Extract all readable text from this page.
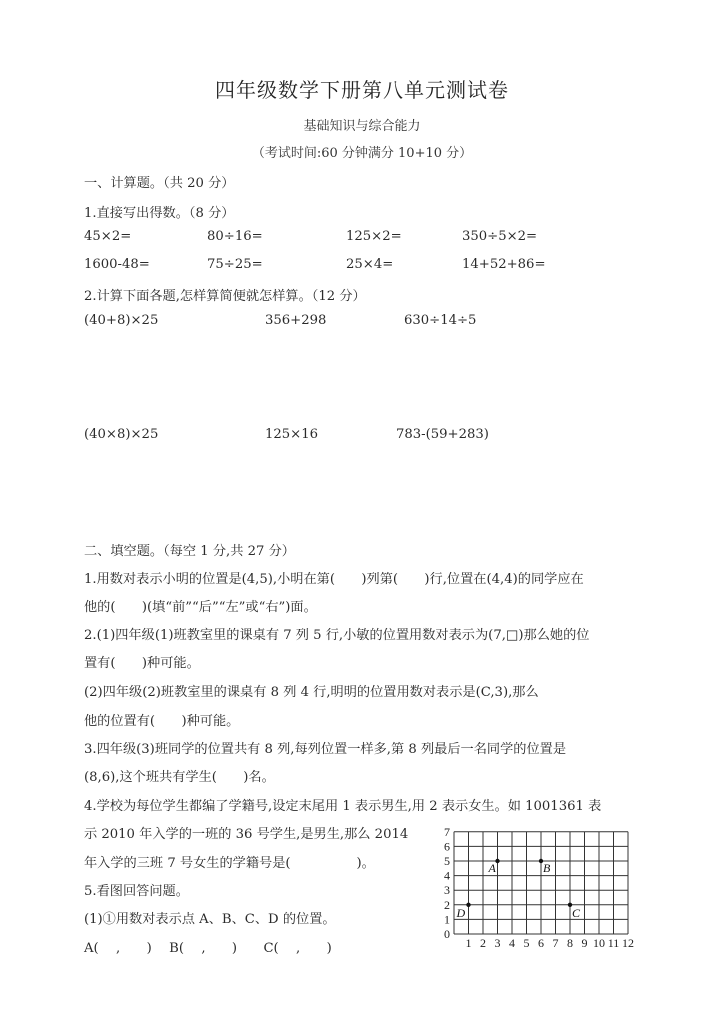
四年级数学下册第八单元测试卷
基础知识与综合能力
（考试时间:60 分钟满分 10+10 分）
一、计算题。（共 20 分）
1.直接写出得数。（8 分）
45×2=	80÷16=	125×2=	350÷5×2=
1600-48=	75÷25=	25×4=	14+52+86=
2.计算下面各题,怎样算简便就怎样算。（12 分）
(40+8)×25	356+298	630÷14÷5
(40×8)×25	125×16	783-(59+283)
二、填空题。（每空 1 分,共 27 分）
1.用数对表示小明的位置是(4,5),小明在第(　　)列第(　　)行,位置在(4,4)的同学应在
他的(　　)(填“前”“后”“左”或“右”)面。
2.(1)四年级(1)班教室里的课桌有 7 列 5 行,小敏的位置用数对表示为(7,□)那么她的位
置有(　　)种可能。
(2)四年级(2)班教室里的课桌有 8 列 4 行,明明的位置用数对表示是(C,3),那么
他的位置有(　　)种可能。
3.四年级(3)班同学的位置共有 8 列,每列位置一样多,第 8 列最后一名同学的位置是
(8,6),这个班共有学生(　　)名。
4.学校为每位学生都编了学籍号,设定末尾用 1 表示男生,用 2 表示女生。如 1001361 表
示 2010 年入学的一班的 36 号学生,是男生,那么 2014
年入学的三班 7 号女生的学籍号是(　　　　　)。
5.看图回答问题。
(1)①用数对表示点 A、B、C、D 的位置。
A(　 ,　　)　 B(　 ,　　)　　C(　 ,　　)	1 2 3 4 5 6 7 8 9 10 11 12
0
1
2
3
4
5
6
7
A	B
C
D
